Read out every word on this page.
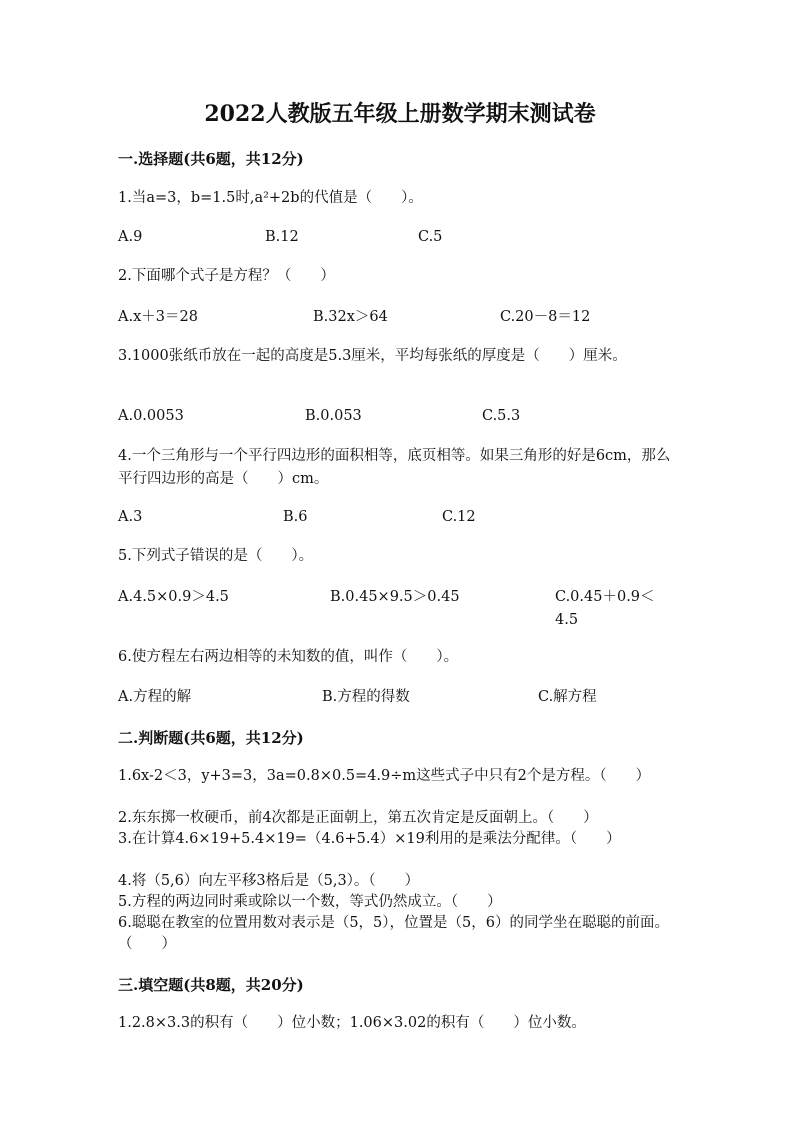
2022人教版五年级上册数学期末测试卷
一.选择题(共6题，共12分)
1.当a=3，b=1.5时,a²+2b的代值是（　　）。
A.9	B.12	C.5
2.下面哪个式子是方程？（　　）
A.x＋3＝28	B.32x＞64	C.20－8＝12
3.1000张纸币放在一起的高度是5.3厘米，平均每张纸的厚度是（　　）厘米。
A.0.0053	B.0.053	C.5.3
4.一个三角形与一个平行四边形的面积相等，底页相等。如果三角形的好是6cm，那么平行四边形的高是（　　）cm。
A.3	B.6	C.12
5.下列式子错误的是（　　）。
A.4.5×0.9＞4.5	B.0.45×9.5＞0.45	C.0.45＋0.9＜4.5
6.使方程左右两边相等的未知数的值，叫作（　　）。
A.方程的解	B.方程的得数	C.解方程
二.判断题(共6题，共12分)
1.6x-2＜3，y+3=3，3a=0.8×0.5=4.9÷m这些式子中只有2个是方程。（　　）
2.东东掷一枚硬币，前4次都是正面朝上，第五次肯定是反面朝上。（　　）
3.在计算4.6×19+5.4×19=（4.6+5.4）×19利用的是乘法分配律。（　　）
4.将（5,6）向左平移3格后是（5,3）。（　　）
5.方程的两边同时乘或除以一个数，等式仍然成立。（　　）
6.聪聪在教室的位置用数对表示是（5，5），位置是（5，6）的同学坐在聪聪的前面。（　　）
三.填空题(共8题，共20分)
1.2.8×3.3的积有（　　）位小数；1.06×3.02的积有（　　）位小数。
